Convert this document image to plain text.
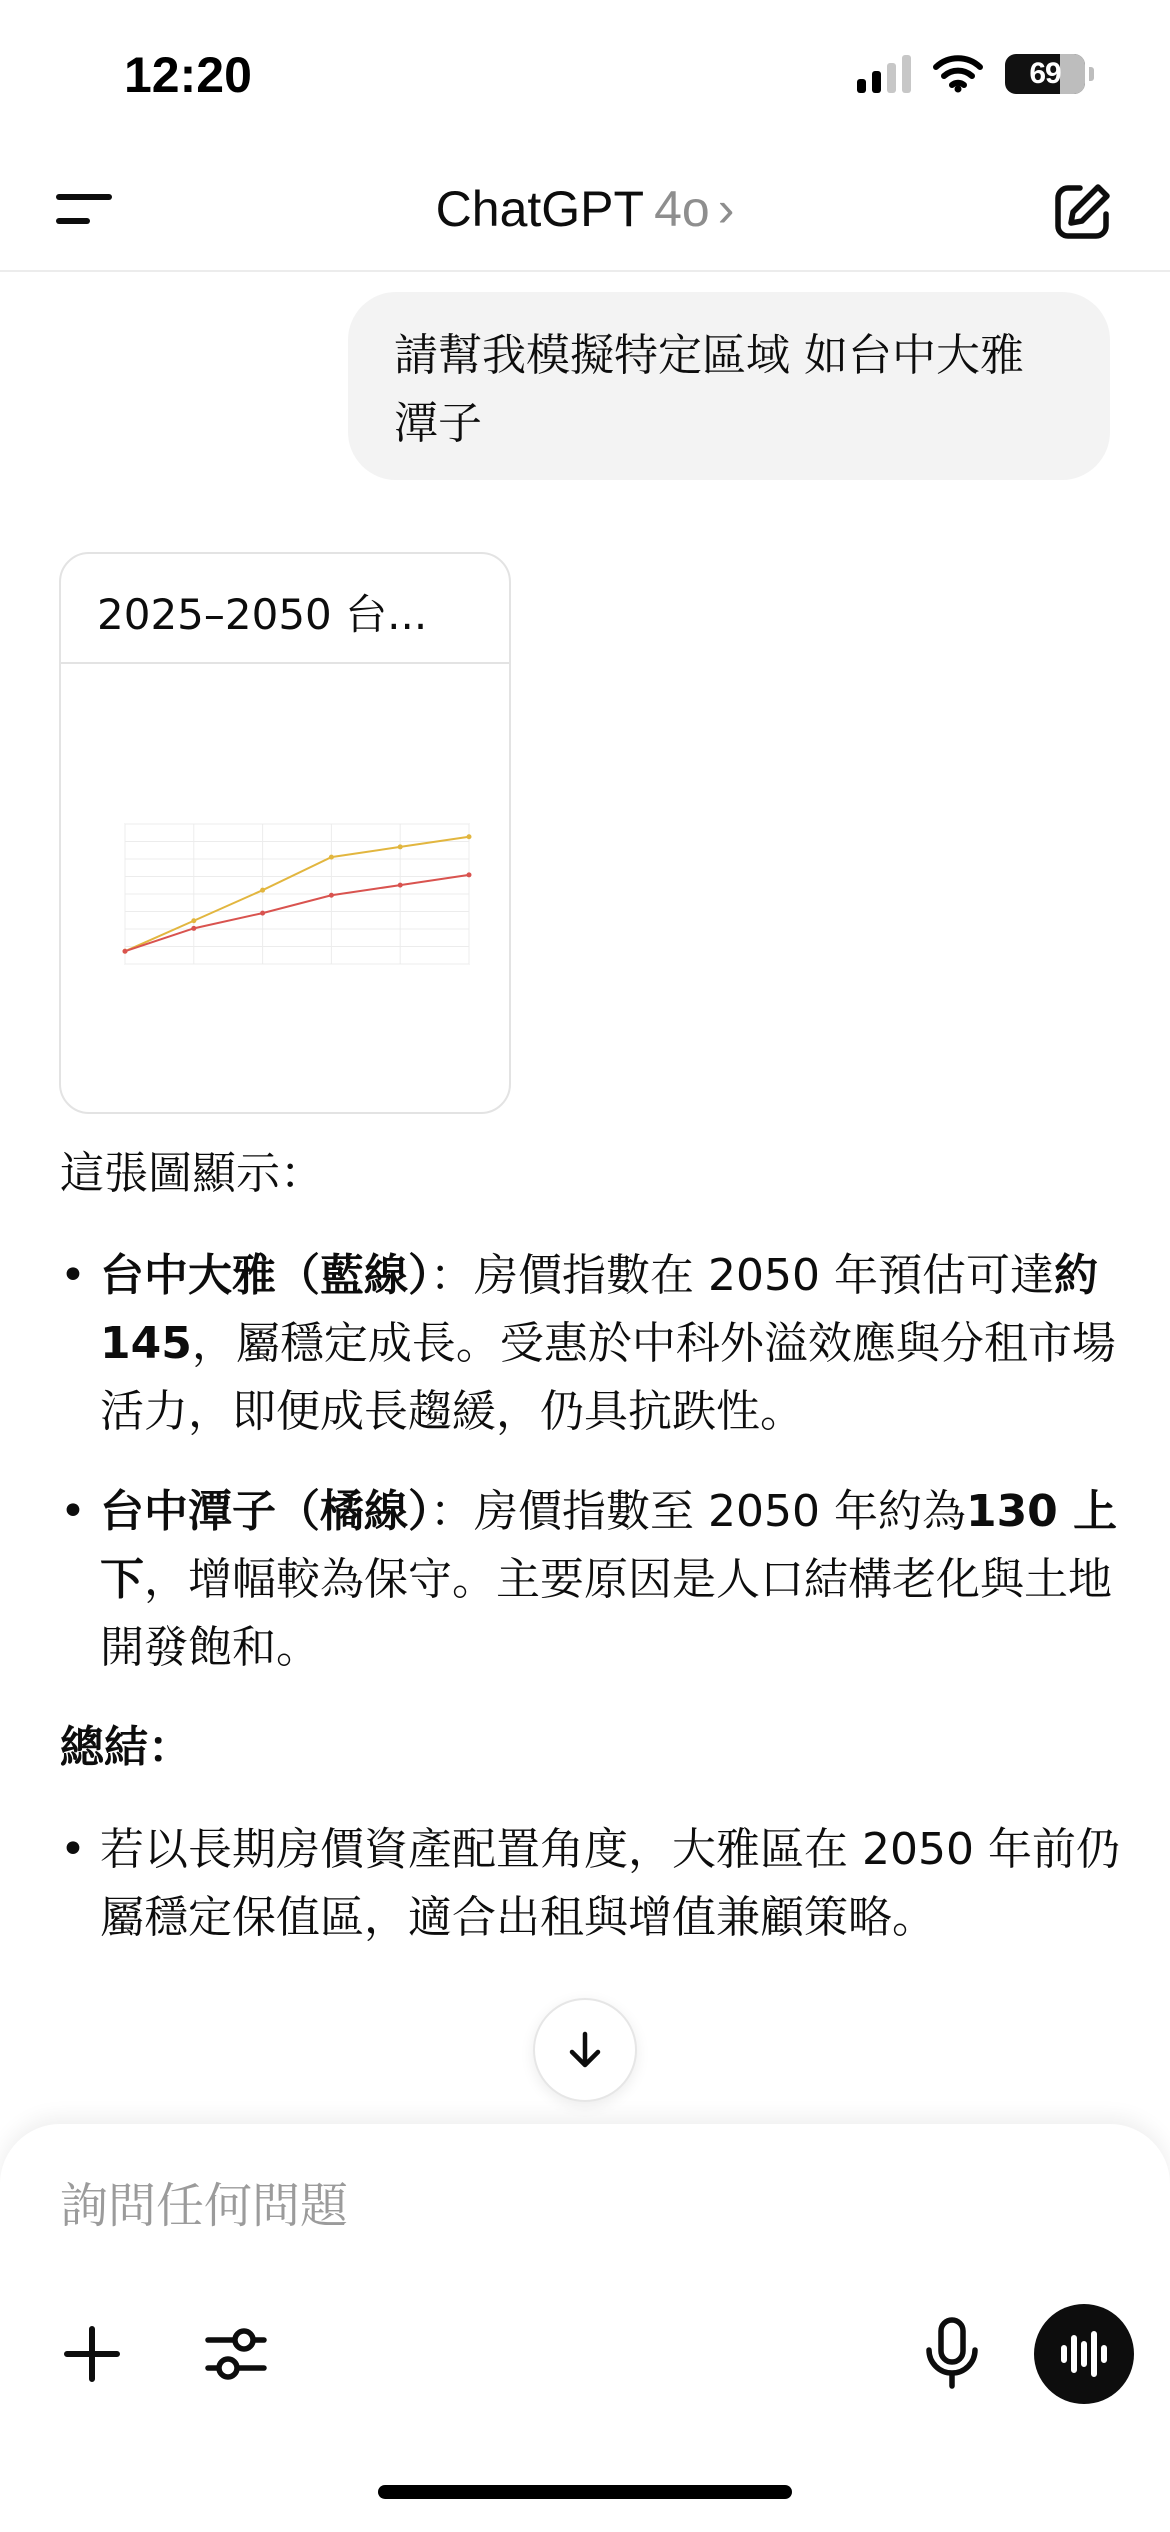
12:20	69
ChatGPT 4o ›
請幫我模擬特定區域 如台中大雅 潭子
2025–2050 台...

這張圖顯示：

• 台中大雅（藍線）：房價指數在 2050 年預估可達約 145，屬穩定成長。受惠於中科外溢效應與分租市場活力，即便成長趨緩，仍具抗跌性。
• 台中潭子（橘線）：房價指數至 2050 年約為130 上下，增幅較為保守。主要原因是人口結構老化與土地開發飽和。

總結：

• 若以長期房價資產配置角度，大雅區在 2050 年前仍屬穩定保值區，適合出租與增值兼顧策略。
詢問任何問題
